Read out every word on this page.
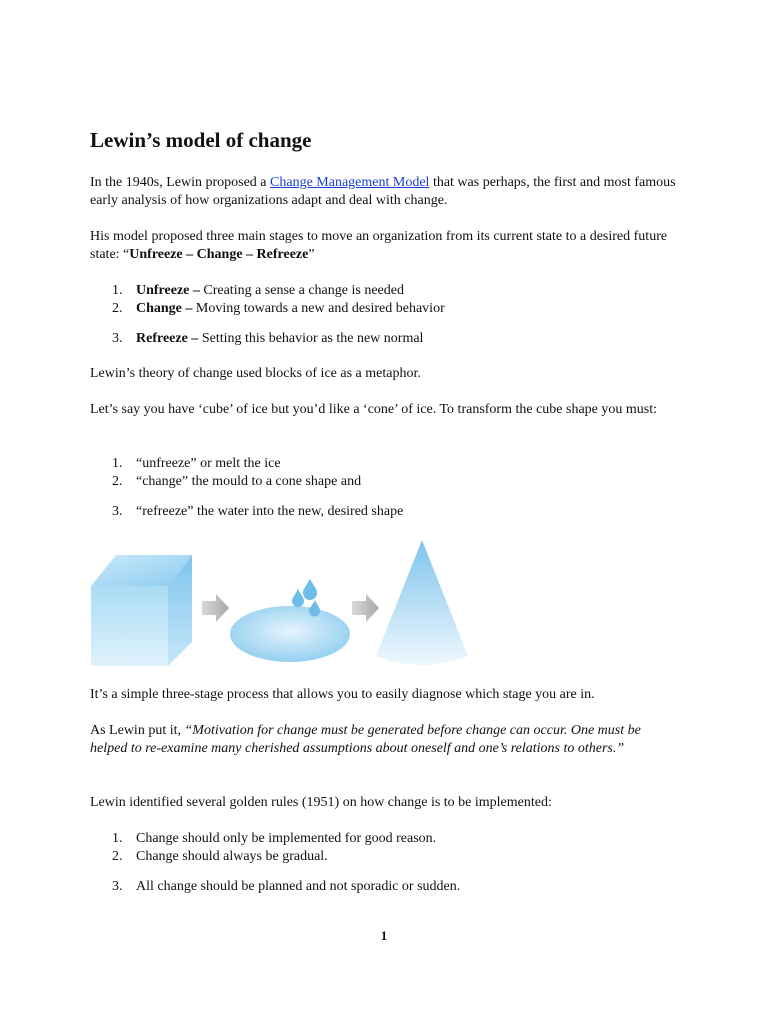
Lewin’s model of change

In the 1940s, Lewin proposed a Change Management Model that was perhaps, the first and most famous early analysis of how organizations adapt and deal with change.

His model proposed three main stages to move an organization from its current state to a desired future state: “Unfreeze – Change – Refreeze”

1. Unfreeze – Creating a sense a change is needed
2. Change – Moving towards a new and desired behavior
3. Refreeze – Setting this behavior as the new normal

Lewin’s theory of change used blocks of ice as a metaphor.

Let’s say you have ‘cube’ of ice but you’d like a ‘cone’ of ice. To transform the cube shape you must:

1. “unfreeze” or melt the ice
2. “change” the mould to a cone shape and
3. “refreeze” the water into the new, desired shape

It’s a simple three-stage process that allows you to easily diagnose which stage you are in.

As Lewin put it, “Motivation for change must be generated before change can occur. One must be helped to re-examine many cherished assumptions about oneself and one’s relations to others.”

Lewin identified several golden rules (1951) on how change is to be implemented:

1. Change should only be implemented for good reason.
2. Change should always be gradual.
3. All change should be planned and not sporadic or sudden.
1
